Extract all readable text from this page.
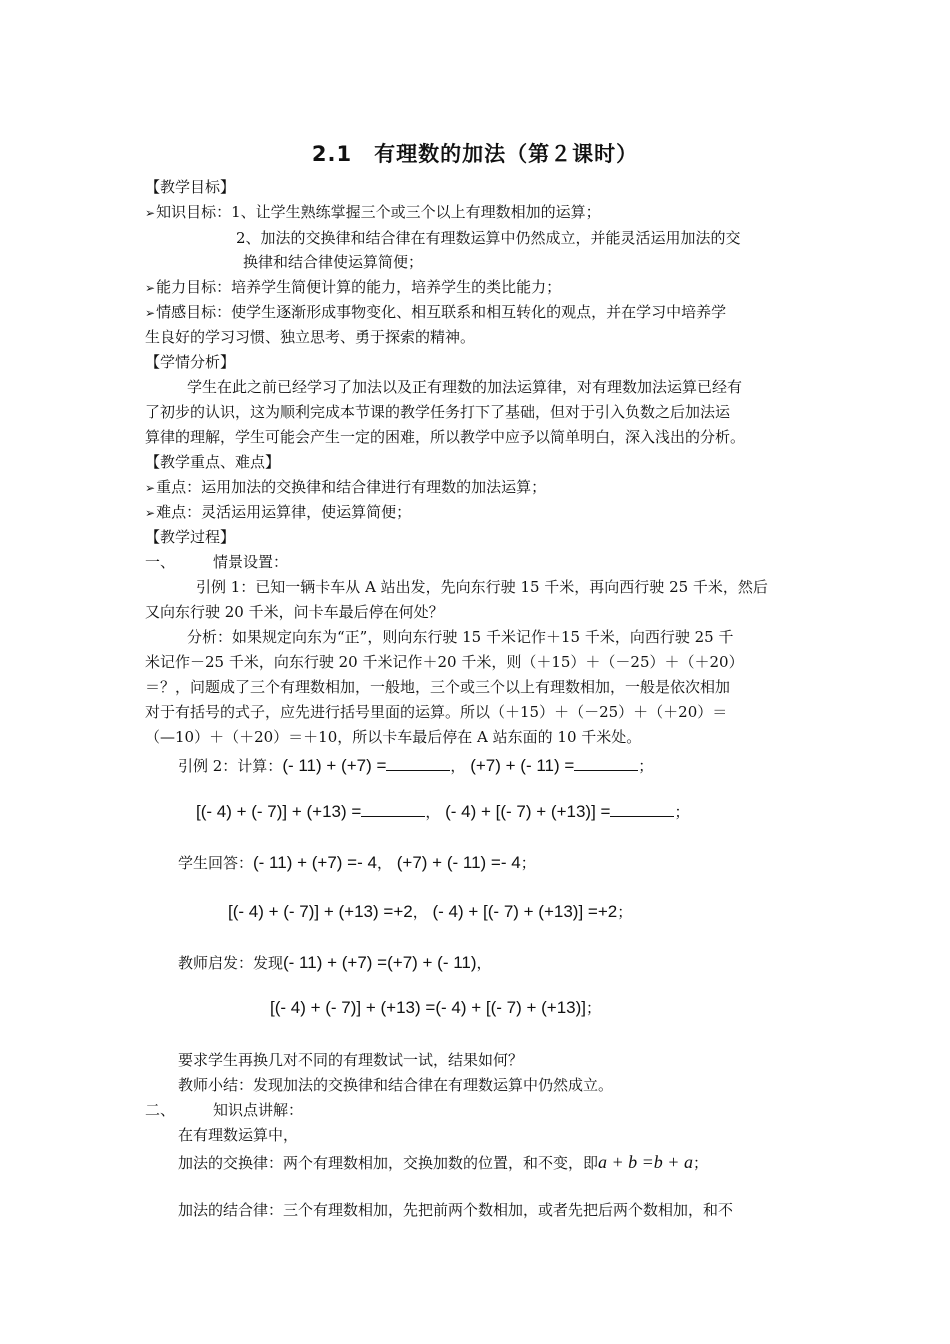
2.1　有理数的加法（第２课时）
【教学目标】
➢知识目标：1、让学生熟练掌握三个或三个以上有理数相加的运算；
2、加法的交换律和结合律在有理数运算中仍然成立，并能灵活运用加法的交
换律和结合律使运算简便；
➢能力目标：培养学生简便计算的能力，培养学生的类比能力；
➢情感目标：使学生逐渐形成事物变化、相互联系和相互转化的观点，并在学习中培养学
生良好的学习习惯、独立思考、勇于探索的精神。
【学情分析】
学生在此之前已经学习了加法以及正有理数的加法运算律，对有理数加法运算已经有
了初步的认识，这为顺利完成本节课的教学任务打下了基础，但对于引入负数之后加法运
算律的理解，学生可能会产生一定的困难，所以教学中应予以简单明白，深入浅出的分析。
【教学重点、难点】
➢重点：运用加法的交换律和结合律进行有理数的加法运算；
➢难点：灵活运用运算律，使运算简便；
【教学过程】
一、	情景设置：
引例 1：已知一辆卡车从 A 站出发，先向东行驶 15 千米，再向西行驶 25 千米，然后
又向东行驶 20 千米，问卡车最后停在何处？
分析：如果规定向东为“正”，则向东行驶 15 千米记作＋15 千米，向西行驶 25 千
米记作－25 千米，向东行驶 20 千米记作＋20 千米，则（＋15）＋（－25）＋（＋20）
＝？，问题成了三个有理数相加，一般地，三个或三个以上有理数相加，一般是依次相加
对于有括号的式子，应先进行括号里面的运算。所以（＋15）＋（－25）＋（＋20）＝
（—10）＋（＋20）＝＋10，所以卡车最后停在 A 站东面的 10 千米处。
引例 2：计算：(- 11) + (+7) =	， (+7) + (- 11) =	；
[(- 4) + (- 7)] + (+13) =	， (- 4) + [(- 7) + (+13)] =	；
学生回答：(- 11) + (+7) =- 4， (+7) + (- 11) =- 4；
[(- 4) + (- 7)] + (+13) =+2， (- 4) + [(- 7) + (+13)] =+2；
教师启发：发现(- 11) + (+7) =(+7) + (- 11)，
[(- 4) + (- 7)] + (+13) =(- 4) + [(- 7) + (+13)]；
要求学生再换几对不同的有理数试一试，结果如何？
教师小结：发现加法的交换律和结合律在有理数运算中仍然成立。
二、	知识点讲解：
在有理数运算中，
加法的交换律：两个有理数相加，交换加数的位置，和不变，即a + b =b + a；
加法的结合律：三个有理数相加，先把前两个数相加，或者先把后两个数相加，和不
